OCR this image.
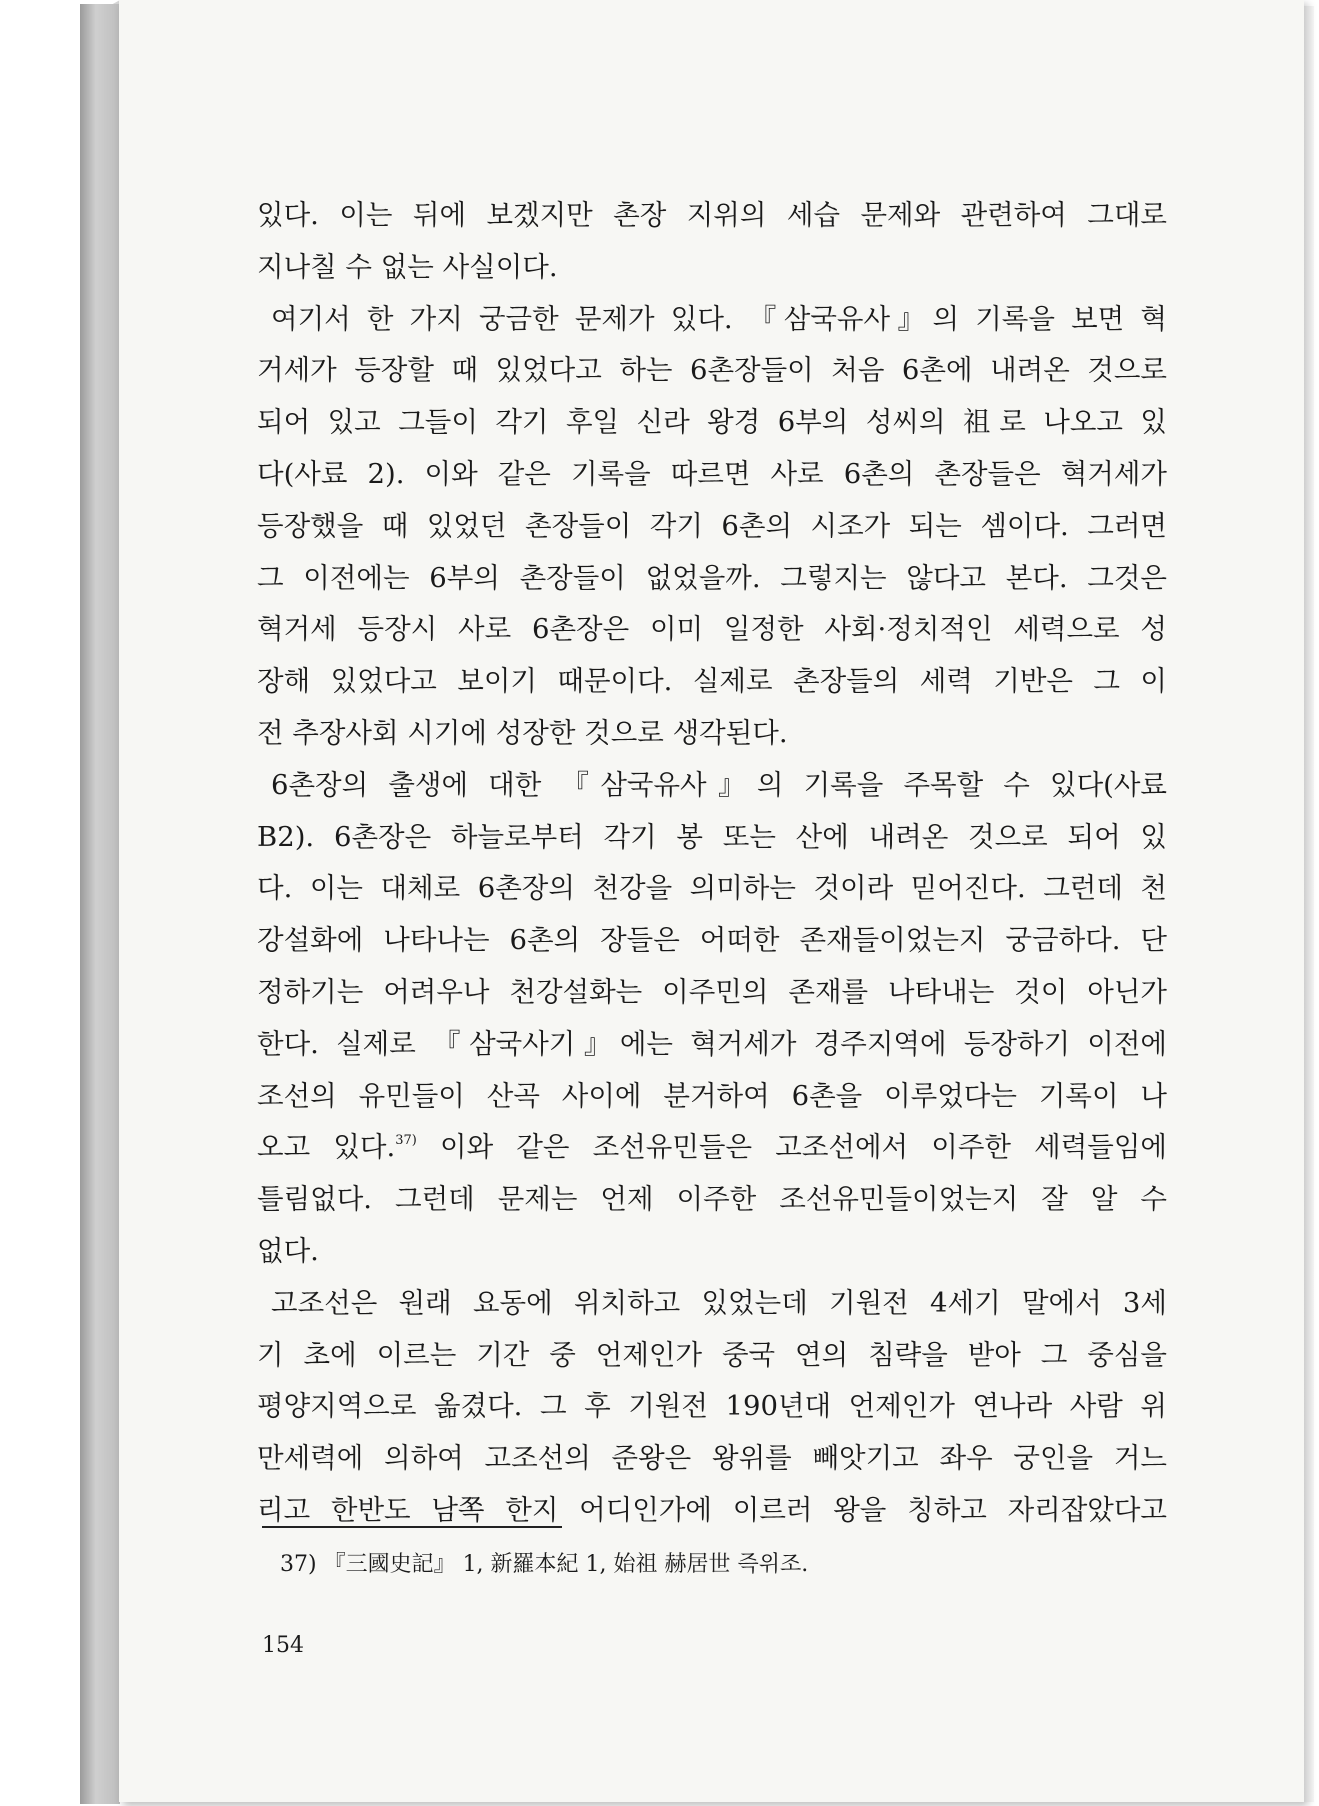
있다. 이는 뒤에 보겠지만 촌장 지위의 세습 문제와 관련하여 그대로
지나칠 수 없는 사실이다.
여기서 한 가지 궁금한 문제가 있다. 『삼국유사』의 기록을 보면 혁
거세가 등장할 때 있었다고 하는 6촌장들이 처음 6촌에 내려온 것으로
되어 있고 그들이 각기 후일 신라 왕경 6부의 성씨의 祖로 나오고 있
다(사료 2). 이와 같은 기록을 따르면 사로 6촌의 촌장들은 혁거세가
등장했을 때 있었던 촌장들이 각기 6촌의 시조가 되는 셈이다. 그러면
그 이전에는 6부의 촌장들이 없었을까. 그렇지는 않다고 본다. 그것은
혁거세 등장시 사로 6촌장은 이미 일정한 사회·정치적인 세력으로 성
장해 있었다고 보이기 때문이다. 실제로 촌장들의 세력 기반은 그 이
전 추장사회 시기에 성장한 것으로 생각된다.
6촌장의 출생에 대한 『삼국유사』의 기록을 주목할 수 있다(사료
B2). 6촌장은 하늘로부터 각기 봉 또는 산에 내려온 것으로 되어 있
다. 이는 대체로 6촌장의 천강을 의미하는 것이라 믿어진다. 그런데 천
강설화에 나타나는 6촌의 장들은 어떠한 존재들이었는지 궁금하다. 단
정하기는 어려우나 천강설화는 이주민의 존재를 나타내는 것이 아닌가
한다. 실제로 『삼국사기』에는 혁거세가 경주지역에 등장하기 이전에
조선의 유민들이 산곡 사이에 분거하여 6촌을 이루었다는 기록이 나
오고 있다.$^{37)}$ 이와 같은 조선유민들은 고조선에서 이주한 세력들임에
틀림없다. 그런데 문제는 언제 이주한 조선유민들이었는지 잘 알 수
없다.
고조선은 원래 요동에 위치하고 있었는데 기원전 4세기 말에서 3세
기 초에 이르는 기간 중 언제인가 중국 연의 침략을 받아 그 중심을
평양지역으로 옮겼다. 그 후 기원전 190년대 언제인가 연나라 사람 위
만세력에 의하여 고조선의 준왕은 왕위를 빼앗기고 좌우 궁인을 거느
리고 한반도 남쪽 한지 어디인가에 이르러 왕을 칭하고 자리잡았다고
37) 『三國史記』 1, 新羅本紀 1, 始祖 赫居世 즉위조.
154
